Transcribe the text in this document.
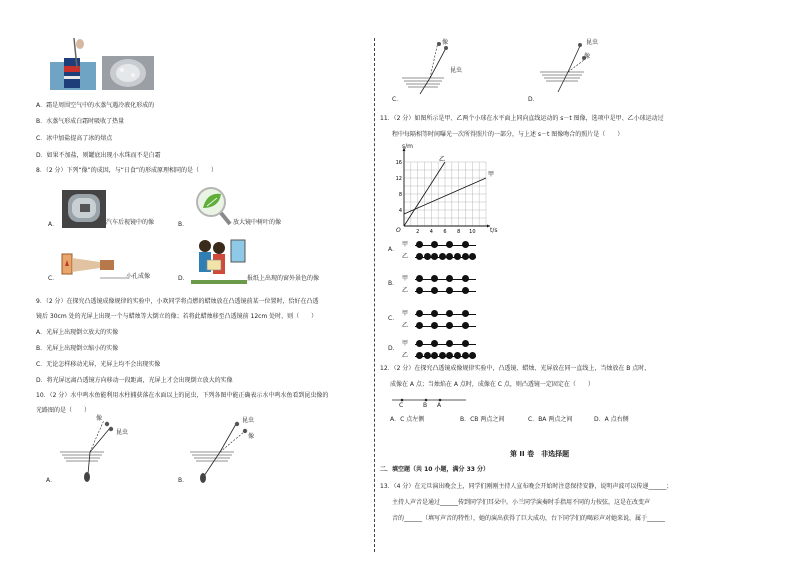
A．霜是周围空气中的水蒸气遇冷液化形成的
B．水蒸气形成白霜时吸收了热量
C．冰中加盐提高了冰的熔点
D．如果不加盐，则罐底出现小水珠而不是白霜
8．（2 分）下列“像”的成因，与“日食”的形成原理相同的是（　　）
A．	汽车后视镜中的像	B．	放大镜中树叶的像
C．	小孔成像	D．	报纸上出现的窗外景色的像
9．（2 分）在探究凸透镜成像规律的实验中，小欢同学将点燃的蜡烛放在凸透镜前某一位置时，恰好在凸透
镜后 30cm 处的光屏上出现一个与蜡烛等大倒立的像；若将此蜡烛移至凸透镜前 12cm 处时，则（　　）
A．光屏上出现倒立放大的实像
B．光屏上出现倒立缩小的实像
C．无论怎样移动光屏，光屏上均不会出现实像
D．将光屏远离凸透镜方向移动一段距离，光屏上才会出现倒立放大的实像
10．（2 分）水中鸣水鱼能利用水柱捕获落在水面以上的昆虫，下列各图中能正确表示水中鸣水鱼看到昆虫像的
光路图的是（　　）
像
昆虫
A．
昆虫
像
B．
像
昆虫
C．
昆虫
像
D．
11．（2 分）如图所示是甲、乙两个小球在水平面上同向直线运动的 s－t 图像，选项中是甲、乙小球运动过
程中每隔相等时间曝光一次所得照片的一部分，与上述 s－t 图像吻合的照片是（　　）
2 4 6 8 10
4
8
12
16	乙
甲
s/m
t/s
O
A．
甲
乙
B．
甲
乙
C．
甲
乙
D．
甲
乙
12．（2 分）在探究凸透镜成像规律实验中，凸透镜、蜡烛、光屏放在同一直线上，当烛放在 B 点时，
成像在 A 点；当烛焰在 A 点时，成像在 C 点，则凸透镜一定固定在（　　）
C	B A
A．C 点左侧	B．CB 两点之间	C．BA 两点之间	D．A 点右侧
第 II 卷　非选择题
二．填空题（共 10 小题，满分 33 分）
13．（4 分）在元旦演出晚会上，同学们刚刚主持人宣布晚会开始时注意保持安静，说明声波可以传递______；
主持人声音是通过______传到同学们耳朵中。小兰同学演奏时手指用不同的力按弦，这是在改变声
音的______（填写声音的特性），她的演出获得了巨大成功，台下同学们的喝彩声对她来说，属于______
